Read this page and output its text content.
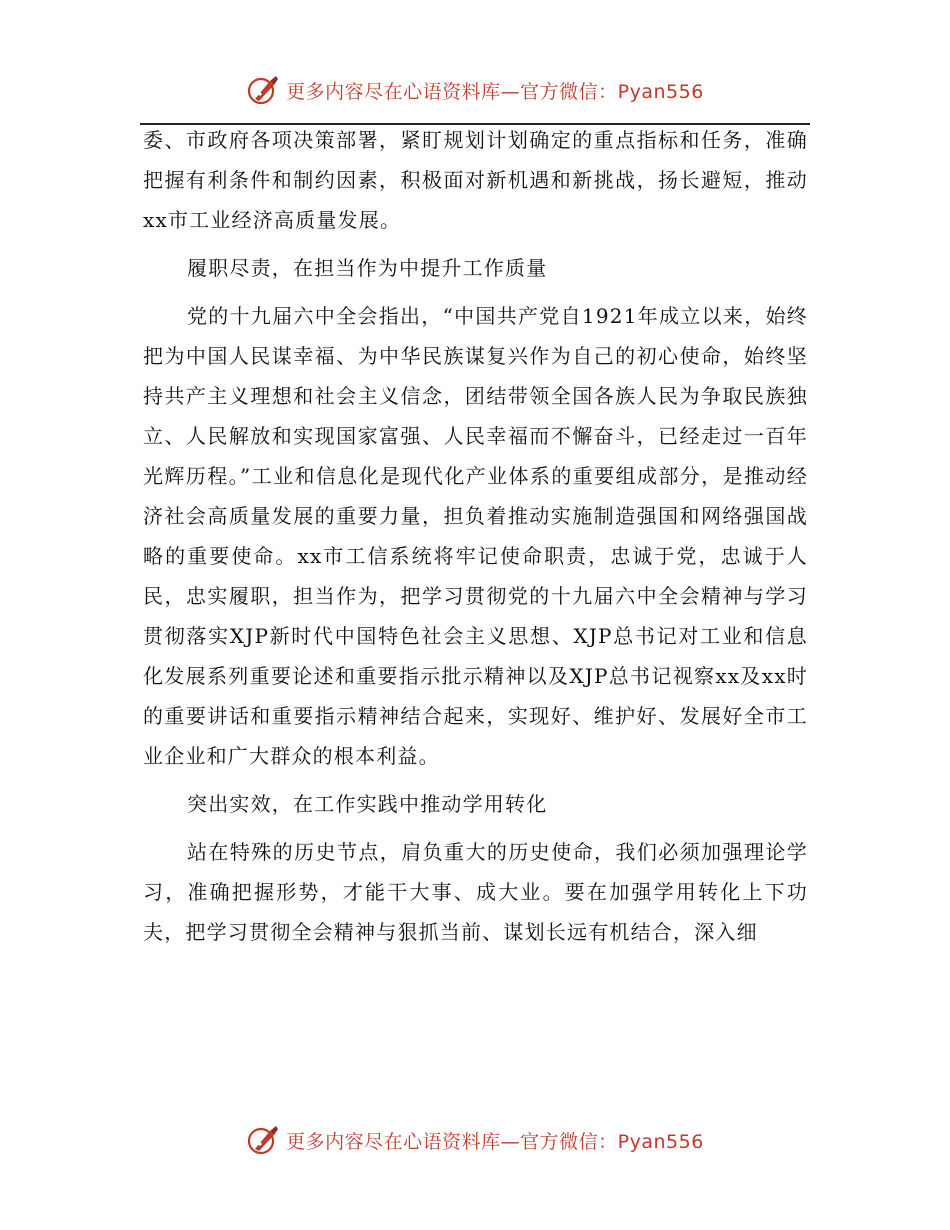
更多内容尽在心语资料库—官方微信：Pyan556

委、市政府各项决策部署，紧盯规划计划确定的重点指标和任务，准确把握有利条件和制约因素，积极面对新机遇和新挑战，扬长避短，推动xx市工业经济高质量发展。

履职尽责，在担当作为中提升工作质量

党的十九届六中全会指出，“中国共产党自1921年成立以来，始终把为中国人民谋幸福、为中华民族谋复兴作为自己的初心使命，始终坚持共产主义理想和社会主义信念，团结带领全国各族人民为争取民族独立、人民解放和实现国家富强、人民幸福而不懈奋斗，已经走过一百年光辉历程。”工业和信息化是现代化产业体系的重要组成部分，是推动经济社会高质量发展的重要力量，担负着推动实施制造强国和网络强国战略的重要使命。xx市工信系统将牢记使命职责，忠诚于党，忠诚于人民，忠实履职，担当作为，把学习贯彻党的十九届六中全会精神与学习贯彻落实XJP新时代中国特色社会主义思想、XJP总书记对工业和信息化发展系列重要论述和重要指示批示精神以及XJP总书记视察xx及xx时的重要讲话和重要指示精神结合起来，实现好、维护好、发展好全市工业企业和广大群众的根本利益。

突出实效，在工作实践中推动学用转化

站在特殊的历史节点，肩负重大的历史使命，我们必须加强理论学习，准确把握形势，才能干大事、成大业。要在加强学用转化上下功夫，把学习贯彻全会精神与狠抓当前、谋划长远有机结合，深入细

更多内容尽在心语资料库—官方微信：Pyan556
